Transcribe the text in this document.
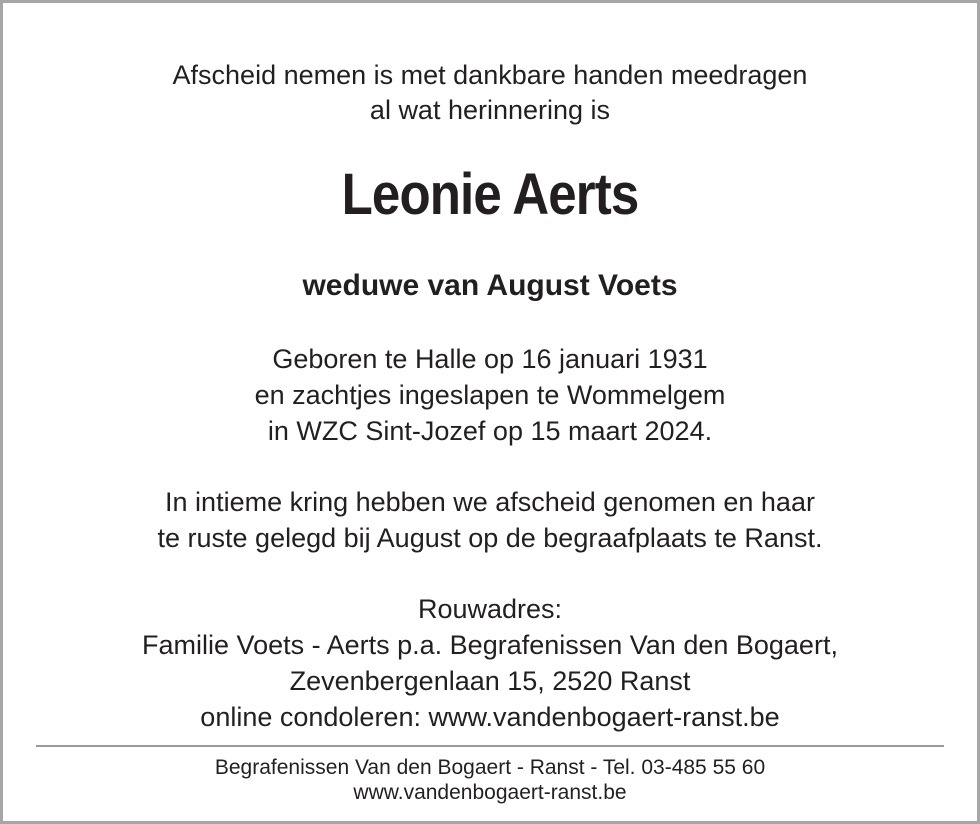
Afscheid nemen is met dankbare handen meedragen
al wat herinnering is
Leonie Aerts
weduwe van August Voets
Geboren te Halle op 16 januari 1931
en zachtjes ingeslapen te Wommelgem
in WZC Sint-Jozef op 15 maart 2024.
In intieme kring hebben we afscheid genomen en haar
te ruste gelegd bij August op de begraafplaats te Ranst.
Rouwadres:
Familie Voets - Aerts p.a. Begrafenissen Van den Bogaert,
Zevenbergenlaan 15, 2520 Ranst
online condoleren: www.vandenbogaert-ranst.be
Begrafenissen Van den Bogaert - Ranst - Tel. 03-485 55 60
www.vandenbogaert-ranst.be
